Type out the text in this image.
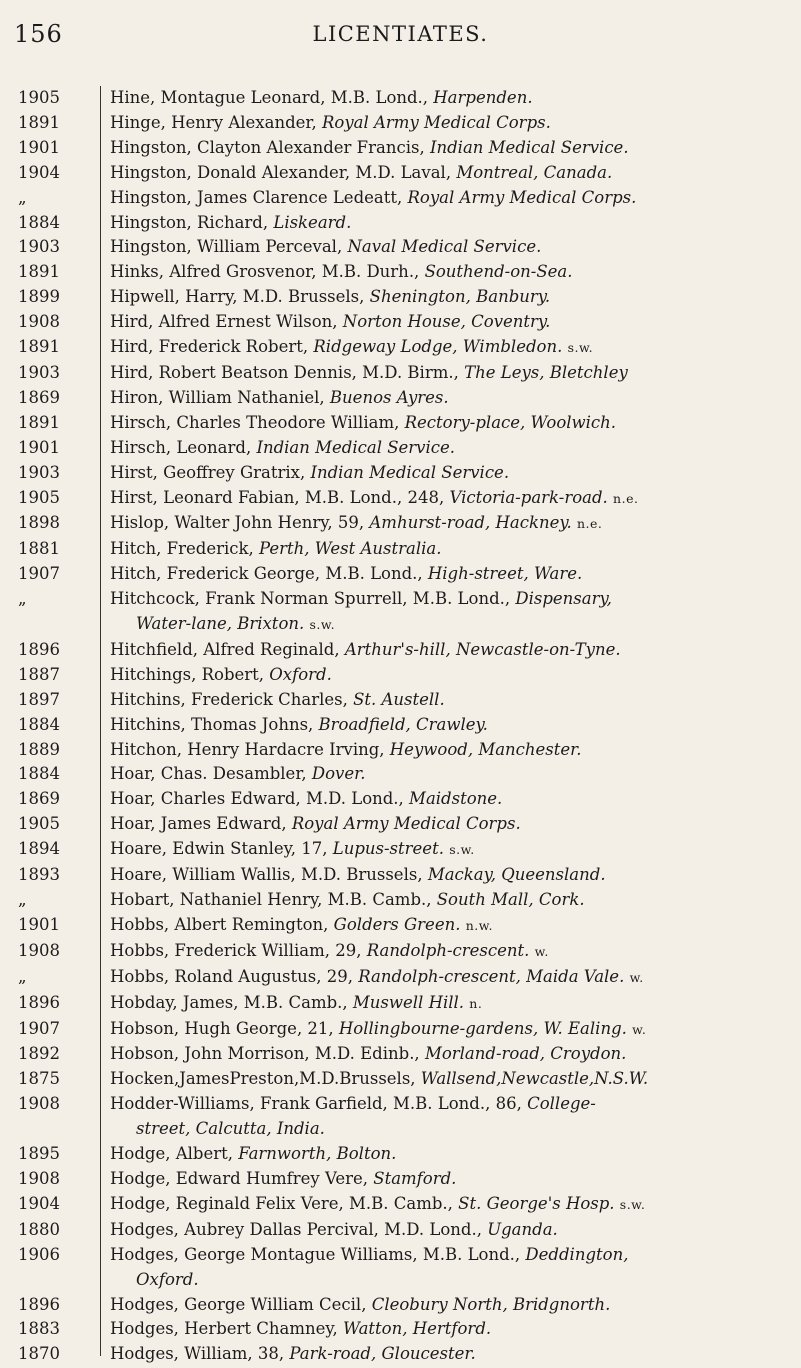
156	LICENTIATES.
1905	Hine, Montague Leonard, M.B. Lond., Harpenden.
1891	Hinge, Henry Alexander, Royal Army Medical Corps.
1901	Hingston, Clayton Alexander Francis, Indian Medical Service.
1904	Hingston, Donald Alexander, M.D. Laval, Montreal, Canada.
„	Hingston, James Clarence Ledeatt, Royal Army Medical Corps.
1884	Hingston, Richard, Liskeard.
1903	Hingston, William Perceval, Naval Medical Service.
1891	Hinks, Alfred Grosvenor, M.B. Durh., Southend-on-Sea.
1899	Hipwell, Harry, M.D. Brussels, Shenington, Banbury.
1908	Hird, Alfred Ernest Wilson, Norton House, Coventry.
1891	Hird, Frederick Robert, Ridgeway Lodge, Wimbledon. s.w.
1903	Hird, Robert Beatson Dennis, M.D. Birm., The Leys, Bletchley
1869	Hiron, William Nathaniel, Buenos Ayres.
1891	Hirsch, Charles Theodore William, Rectory-place, Woolwich.
1901	Hirsch, Leonard, Indian Medical Service.
1903	Hirst, Geoffrey Gratrix, Indian Medical Service.
1905	Hirst, Leonard Fabian, M.B. Lond., 248, Victoria-park-road. n.e.
1898	Hislop, Walter John Henry, 59, Amhurst-road, Hackney. n.e.
1881	Hitch, Frederick, Perth, West Australia.
1907	Hitch, Frederick George, M.B. Lond., High-street, Ware.
„	Hitchcock, Frank Norman Spurrell, M.B. Lond., Dispensary,
Water-lane, Brixton. s.w.
1896	Hitchfield, Alfred Reginald, Arthur's-hill, Newcastle-on-Tyne.
1887	Hitchings, Robert, Oxford.
1897	Hitchins, Frederick Charles, St. Austell.
1884	Hitchins, Thomas Johns, Broadfield, Crawley.
1889	Hitchon, Henry Hardacre Irving, Heywood, Manchester.
1884	Hoar, Chas. Desambler, Dover.
1869	Hoar, Charles Edward, M.D. Lond., Maidstone.
1905	Hoar, James Edward, Royal Army Medical Corps.
1894	Hoare, Edwin Stanley, 17, Lupus-street. s.w.
1893	Hoare, William Wallis, M.D. Brussels, Mackay, Queensland.
„	Hobart, Nathaniel Henry, M.B. Camb., South Mall, Cork.
1901	Hobbs, Albert Remington, Golders Green. n.w.
1908	Hobbs, Frederick William, 29, Randolph-crescent. w.
„	Hobbs, Roland Augustus, 29, Randolph-crescent, Maida Vale. w.
1896	Hobday, James, M.B. Camb., Muswell Hill. n.
1907	Hobson, Hugh George, 21, Hollingbourne-gardens, W. Ealing. w.
1892	Hobson, John Morrison, M.D. Edinb., Morland-road, Croydon.
1875	Hocken,JamesPreston,M.D.Brussels, Wallsend,Newcastle,N.S.W.
1908	Hodder-Williams, Frank Garfield, M.B. Lond., 86, College-
street, Calcutta, India.
1895	Hodge, Albert, Farnworth, Bolton.
1908	Hodge, Edward Humfrey Vere, Stamford.
1904	Hodge, Reginald Felix Vere, M.B. Camb., St. George's Hosp. s.w.
1880	Hodges, Aubrey Dallas Percival, M.D. Lond., Uganda.
1906	Hodges, George Montague Williams, M.B. Lond., Deddington,
Oxford.
1896	Hodges, George William Cecil, Cleobury North, Bridgnorth.
1883	Hodges, Herbert Chamney, Watton, Hertford.
1870	Hodges, William, 38, Park-road, Gloucester.
